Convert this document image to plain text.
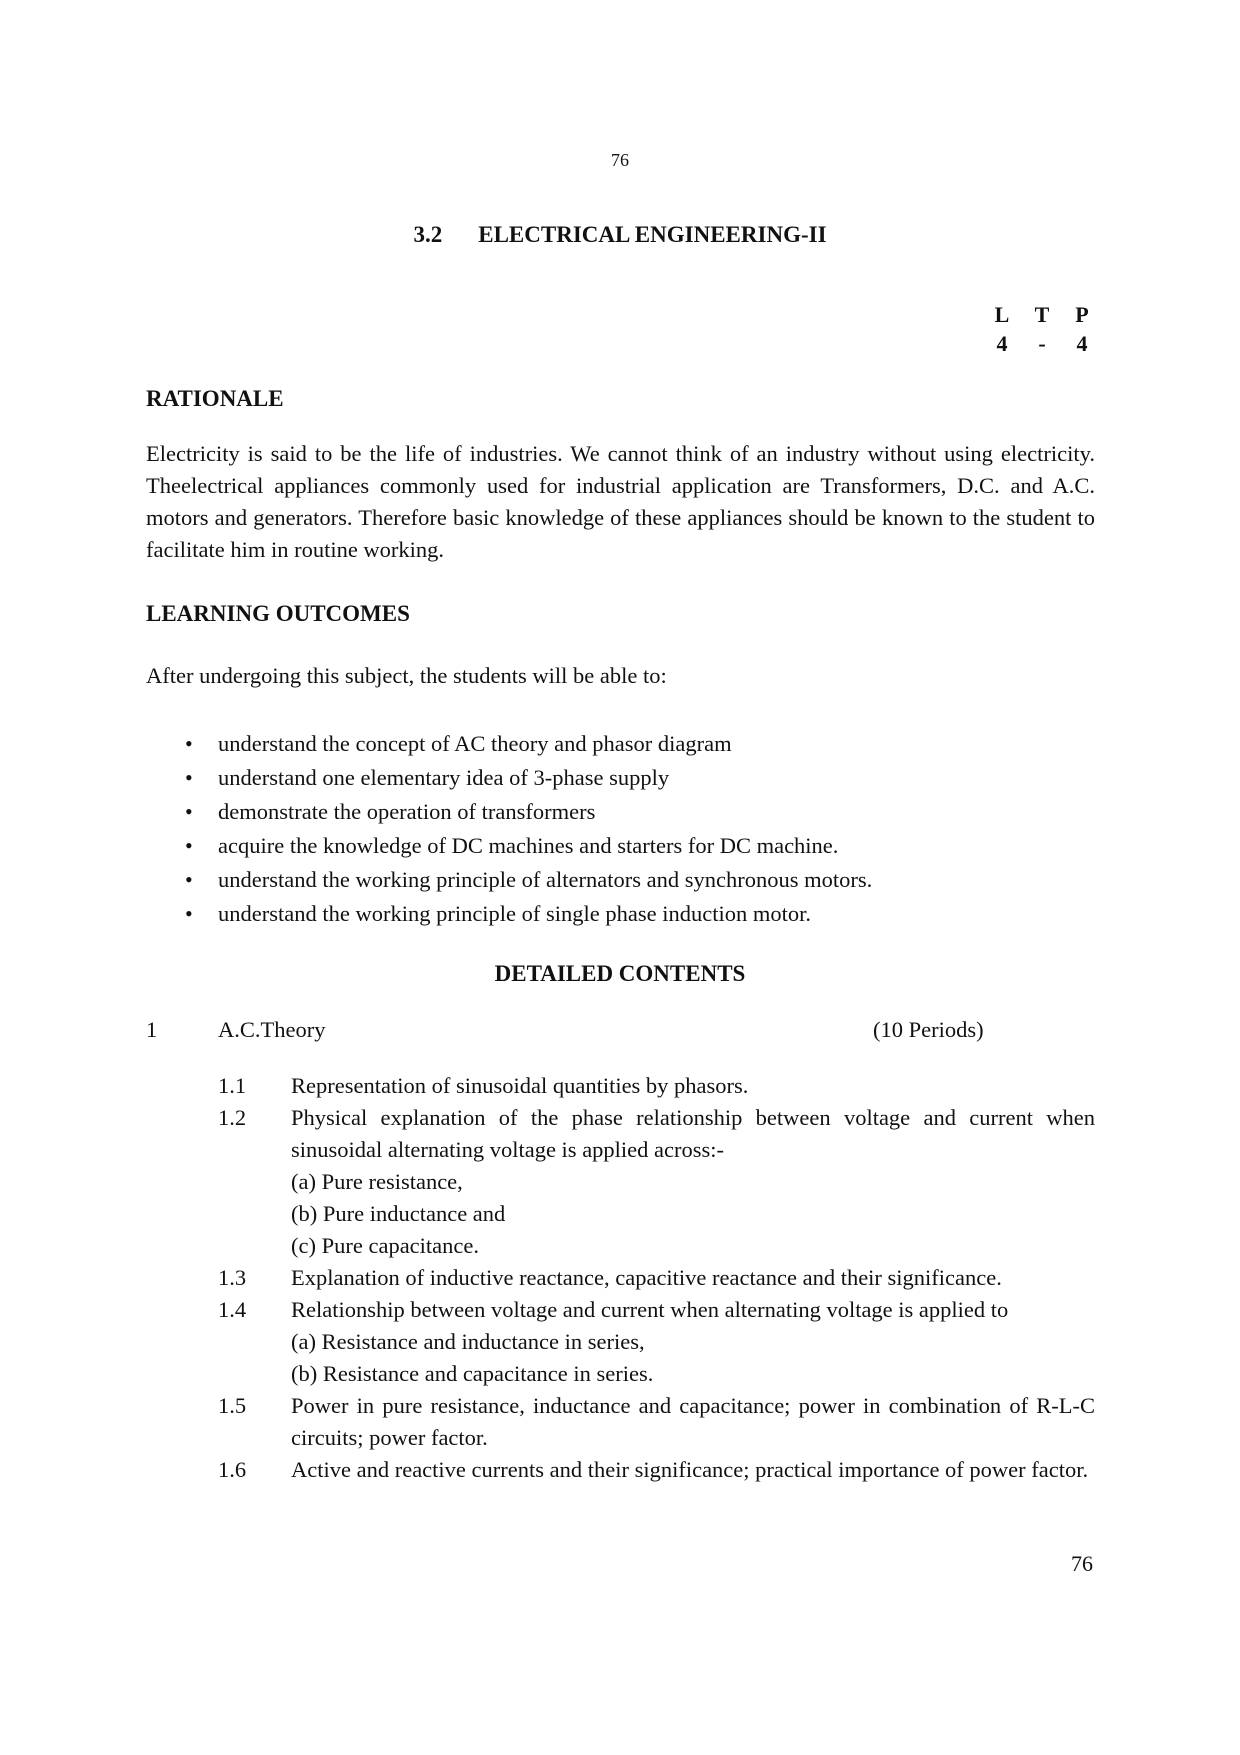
76
3.2 ELECTRICAL ENGINEERING-II
L	T	P
4	-	4
RATIONALE
Electricity is said to be the life of industries. We cannot think of an industry without using electricity. Theelectrical appliances commonly used for industrial application are Transformers, D.C. and A.C. motors and generators. Therefore basic knowledge of these appliances should be known to the student to facilitate him in routine working.
LEARNING OUTCOMES
After undergoing this subject, the students will be able to:
• understand the concept of AC theory and phasor diagram
• understand one elementary idea of 3-phase supply
• demonstrate the operation of transformers
• acquire the knowledge of DC machines and starters for DC machine.
• understand the working principle of alternators and synchronous motors.
• understand the working principle of single phase induction motor.
DETAILED CONTENTS
1	A.C.Theory	(10 Periods)
1.1	Representation of sinusoidal quantities by phasors.
1.2	Physical explanation of the phase relationship between voltage and current when sinusoidal alternating voltage is applied across:-
(a) Pure resistance,
(b) Pure inductance and
(c) Pure capacitance.
1.3	Explanation of inductive reactance, capacitive reactance and their significance.
1.4	Relationship between voltage and current when alternating voltage is applied to
(a) Resistance and inductance in series,
(b) Resistance and capacitance in series.
1.5	Power in pure resistance, inductance and capacitance; power in combination of R-L-C circuits; power factor.
1.6	Active and reactive currents and their significance; practical importance of power factor.
76
